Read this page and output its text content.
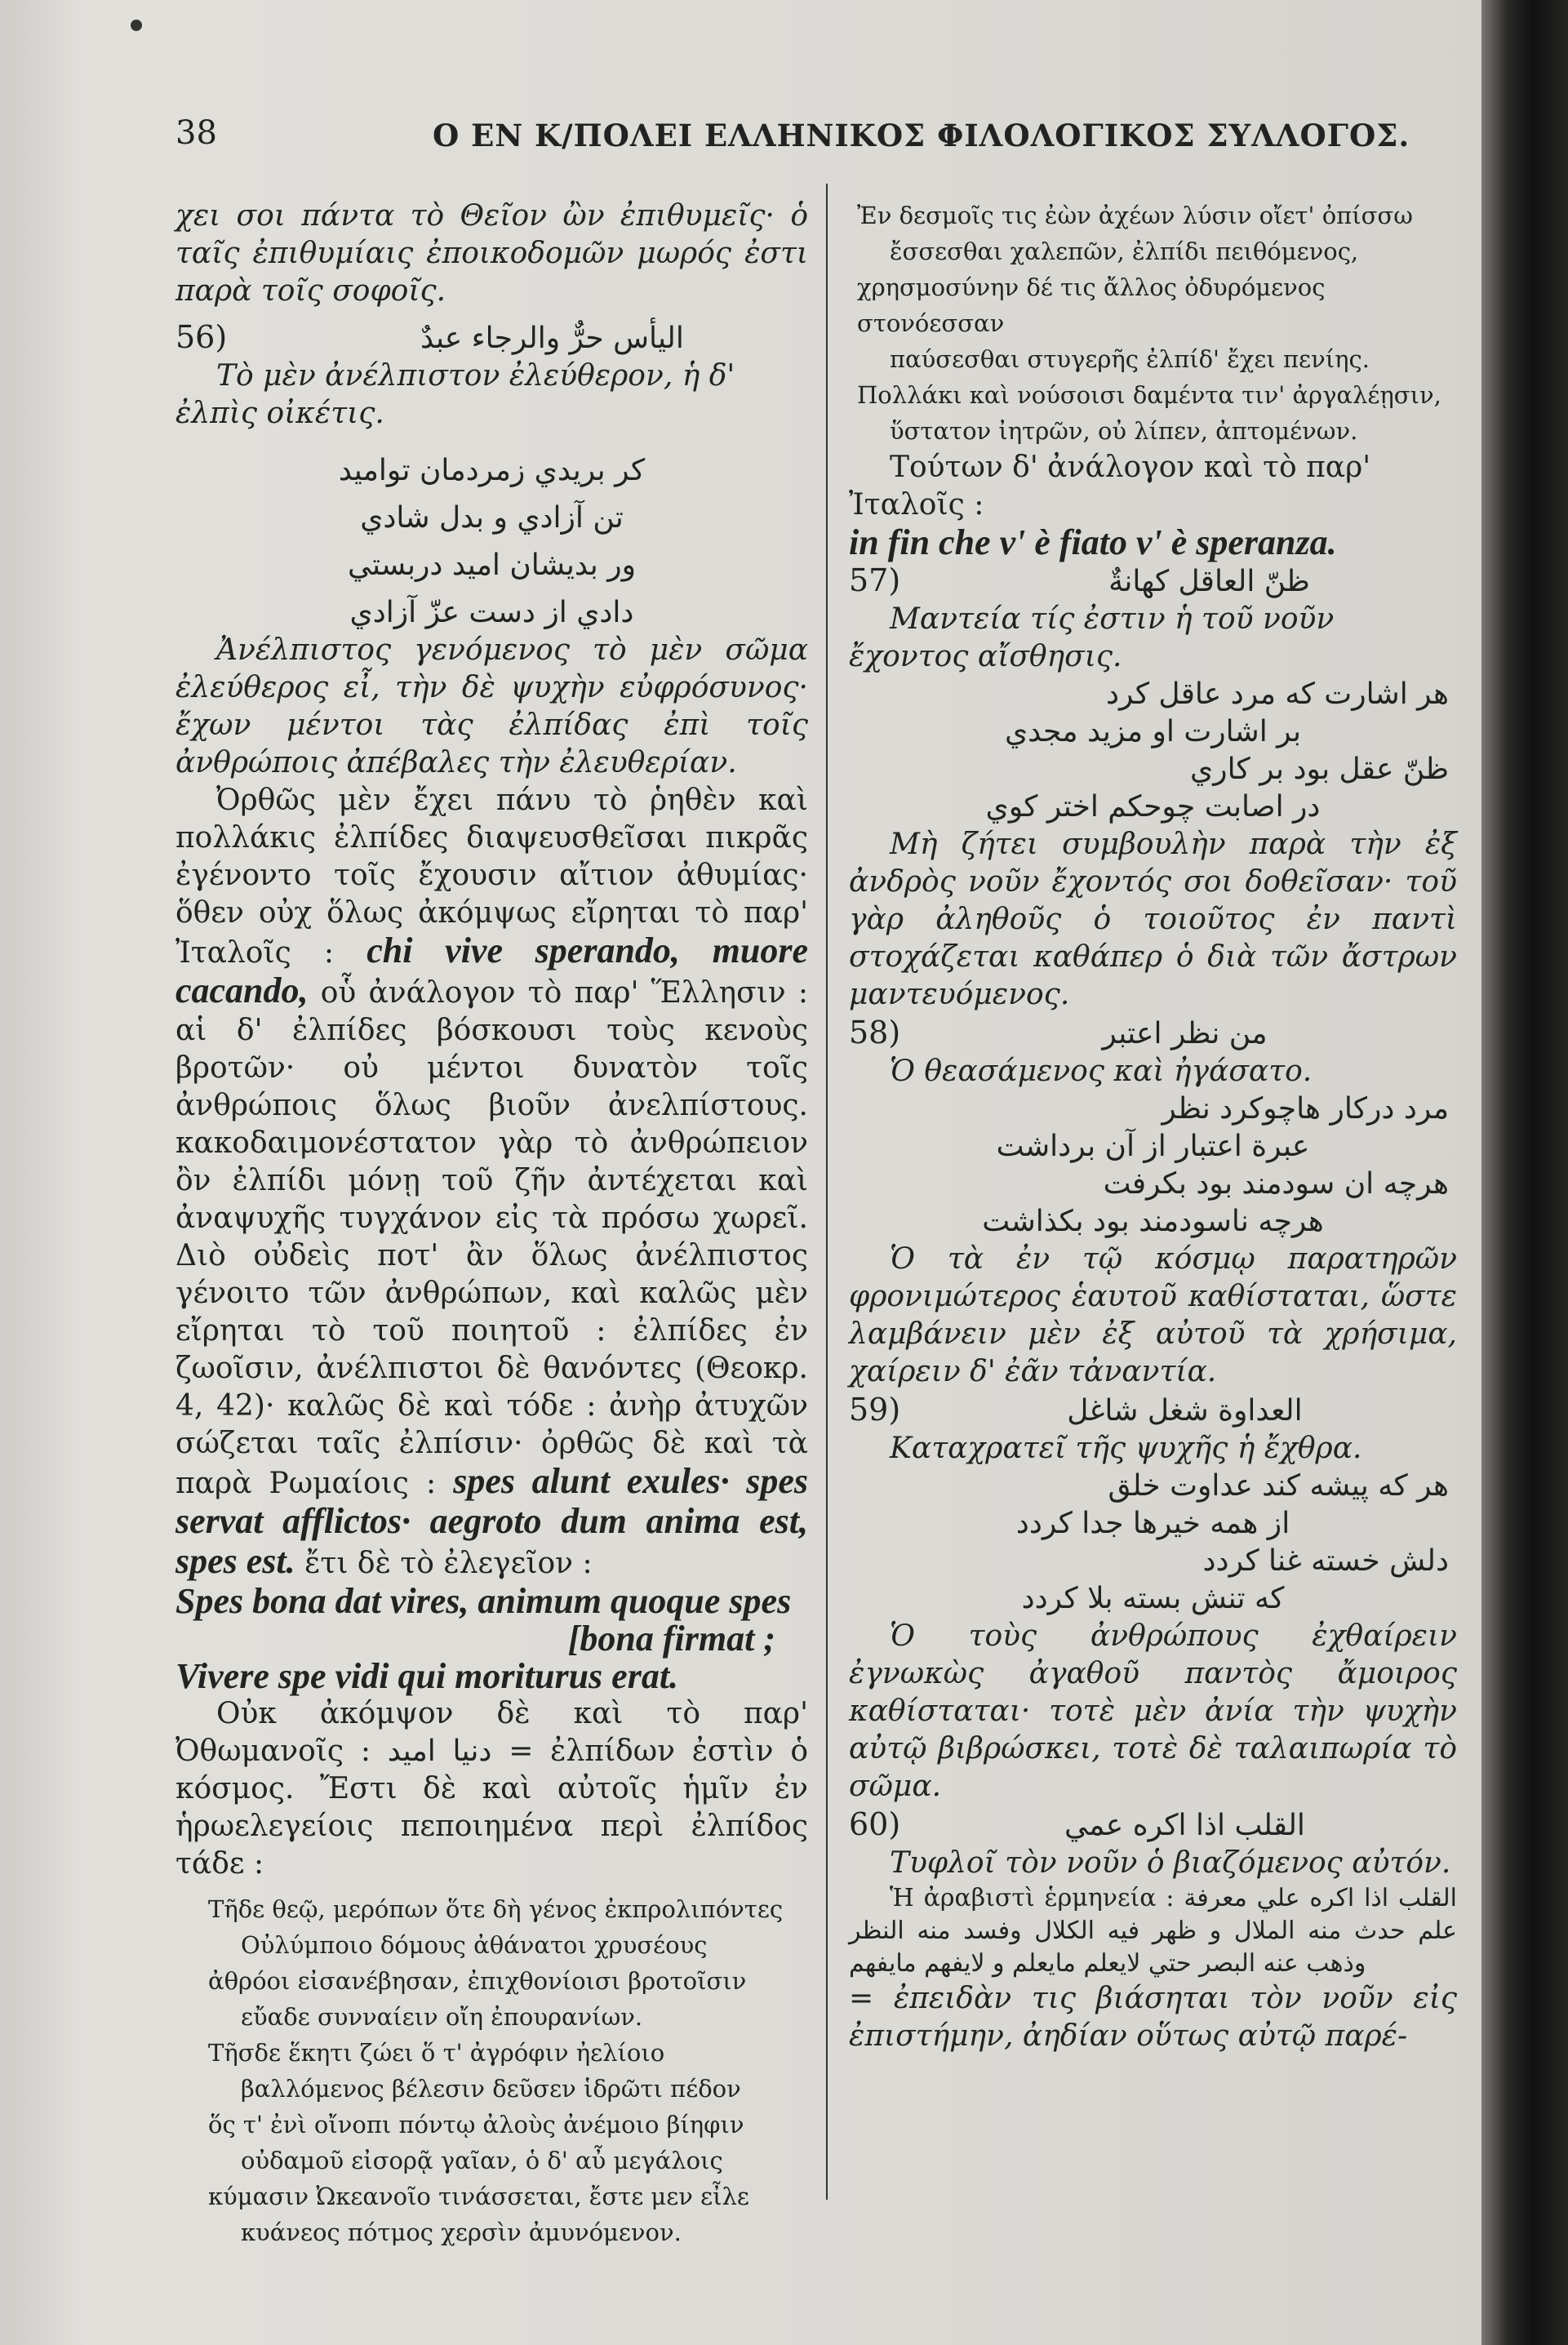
38	Ο ΕΝ Κ/ΠΟΛΕΙ ΕΛΛΗΝΙΚΟΣ ΦΙΛΟΛΟΓΙΚΟΣ ΣΥΛΛΟΓΟΣ.

χει σοι πάντα τὸ Θεῖον ὢν ἐπιθυμεῖς· ὁ ταῖς ἐπιθυμίαις ἐποικοδομῶν μωρός ἐστι παρὰ τοῖς σοφοῖς.

56)	اليأس حرٌّ والرجاء عبدٌ

Τὸ μὲν ἀνέλπιστον ἐλεύθερον, ἡ δ' ἐλπὶς οἰκέτις.

كر بريدي زمردمان توامید
تن آزادي و بدل شادي
ور بديشان امید دربستي
دادي از دست عزّ آزادي

Ἀνέλπιστος γενόμενος τὸ μὲν σῶμα ἐλεύθερος εἶ, τὴν δὲ ψυχὴν εὐφρόσυνος· ἔχων μέντοι τὰς ἐλπίδας ἐπὶ τοῖς ἀνθρώποις ἀπέβαλες τὴν ἐλευθερίαν.

Ὀρθῶς μὲν ἔχει πάνυ τὸ ῥηθὲν καὶ πολλάκις ἐλπίδες διαψευσθεῖσαι πικρᾶς ἐγένοντο τοῖς ἔχουσιν αἴτιον ἀθυμίας· ὅθεν οὐχ ὅλως ἀκόμψως εἴρηται τὸ παρ' Ἰταλοῖς : chi vive sperando, muore cacando, οὗ ἀνάλογον τὸ παρ' Ἕλλησιν : αἱ δ' ἐλπίδες βόσκουσι τοὺς κενοὺς βροτῶν· οὐ μέντοι δυνατὸν τοῖς ἀνθρώποις ὅλως βιοῦν ἀνελπίστους. κακοδαιμονέστατον γὰρ τὸ ἀνθρώπειον ὂν ἐλπίδι μόνῃ τοῦ ζῆν ἀντέχεται καὶ ἀναψυχῆς τυγχάνον εἰς τὰ πρόσω χωρεῖ. Διὸ οὐδεὶς ποτ' ἂν ὅλως ἀνέλπιστος γένοιτο τῶν ἀνθρώπων, καὶ καλῶς μὲν εἴρηται τὸ τοῦ ποιητοῦ : ἐλπίδες ἐν ζωοῖσιν, ἀνέλπιστοι δὲ θανόντες (Θεοκρ. 4, 42)· καλῶς δὲ καὶ τόδε : ἀνὴρ ἀτυχῶν σώζεται ταῖς ἐλπίσιν· ὀρθῶς δὲ καὶ τὰ παρὰ Ρωμαίοις : spes alunt exules· spes servat afflictos· aegroto dum anima est, spes est. ἔτι δὲ τὸ ἐλεγεῖον :

Spes bona dat vires, animum quoque spes
[bona firmat ;
Vivere spe vidi qui moriturus erat.

Οὐκ ἀκόμψον δὲ καὶ τὸ παρ' Ὀθωμανοῖς : دنيا اميد = ἐλπίδων ἐστὶν ὁ κόσμος. Ἔστι δὲ καὶ αὐτοῖς ἡμῖν ἐν ἡρωελεγείοις πεποιημένα περὶ ἐλπίδος τάδε :

Τῆδε θεῷ, μερόπων ὅτε δὴ γένος ἐκπρολιπόντες
Οὐλύμποιο δόμους ἀθάνατοι χρυσέους
ἀθρόοι εἰσανέβησαν, ἐπιχθονίοισι βροτοῖσιν
εὔαδε συνναίειν οἴη ἐπουρανίων.
Τῆσδε ἕκητι ζώει ὅ τ' ἀγρόφιν ἠελίοιο
βαλλόμενος βέλεσιν δεῦσεν ἱδρῶτι πέδον
ὅς τ' ἐνὶ οἴνοπι πόντῳ ἀλοὺς ἀνέμοιο βίηφιν
οὐδαμοῦ εἰσορᾷ γαῖαν, ὁ δ' αὖ μεγάλοις
κύμασιν Ὠκεανοῖο τινάσσεται, ἔστε μεν εἶλε
κυάνεος πότμος χερσὶν ἀμυνόμενον.
Ἐν δεσμοῖς τις ἐὼν ἀχέων λύσιν οἴετ' ὀπίσσω
ἔσσεσθαι χαλεπῶν, ἐλπίδι πειθόμενος,
χρησμοσύνην δέ τις ἄλλος ὀδυρόμενος στονόεσσαν
παύσεσθαι στυγερῆς ἐλπίδ' ἔχει πενίης.
Πολλάκι καὶ νούσοισι δαμέντα τιν' ἀργαλέῃσιν,
ὕστατον ἰητρῶν, οὐ λίπεν, ἀπτομένων.

Τούτων δ' ἀνάλογον καὶ τὸ παρ' Ἰταλοῖς :

in fin che v' è fiato v' è speranza.
57)	ظنّ العاقل كهانةٌ

Μαντεία τίς ἐστιν ἡ τοῦ νοῦν ἔχοντος αἴσθησις.

هر اشارت كه مرد عاقل كرد
بر اشارت او مزید مجدي
ظنّ عقل بود بر كاري
در اصابت چوحكم اختر كوي

Μὴ ζήτει συμβουλὴν παρὰ τὴν ἐξ ἀνδρὸς νοῦν ἔχοντός σοι δοθεῖσαν· τοῦ γὰρ ἀληθοῦς ὁ τοιοῦτος ἐν παντὶ στοχάζεται καθάπερ ὁ διὰ τῶν ἄστρων μαντευόμενος.

58)	من نظر اعتبر

Ὁ θεασάμενος καὶ ἠγάσατο.

مرد دركار هاچوكرد نظر
عبرة اعتبار از آن برداشت
هرچه ان سودمند بود بكرفت
هرچه ناسودمند بود بكذاشت

Ὁ τὰ ἐν τῷ κόσμῳ παρατηρῶν φρονιμώτερος ἑαυτοῦ καθίσταται, ὥστε λαμβάνειν μὲν ἐξ αὐτοῦ τὰ χρήσιμα, χαίρειν δ' ἐᾶν τἀναντία.

59)	العداوة شغل شاغل

Καταχρατεῖ τῆς ψυχῆς ἡ ἔχθρα.

هر كه پيشه كند عداوت خلق
از همه خيرها جدا كردد
دلش خسته غنا كردد
كه تنش بسته بلا كردد

Ὁ τοὺς ἀνθρώπους ἐχθαίρειν ἐγνωκὼς ἀγαθοῦ παντὸς ἄμοιρος καθίσταται· τοτὲ μὲν ἀνία τὴν ψυχὴν αὐτῷ βιβρώσκει, τοτὲ δὲ ταλαιπωρία τὸ σῶμα.

60)	القلب اذا اكره عمي

Τυφλοῖ τὸν νοῦν ὁ βιαζόμενος αὐτόν.

Ἡ ἀραβιστὶ ἑρμηνεία : القلب اذا اكره علي معرفة علم حدث منه الملال و ظهر فيه الكلال وفسد منه النظر وذهب عنه البصر حتي لايعلم مايعلم و لايفهم مايفهم

= ἐπειδὰν τις βιάσηται τὸν νοῦν εἰς ἐπιστήμην, ἀηδίαν οὕτως αὐτῷ παρέ-
